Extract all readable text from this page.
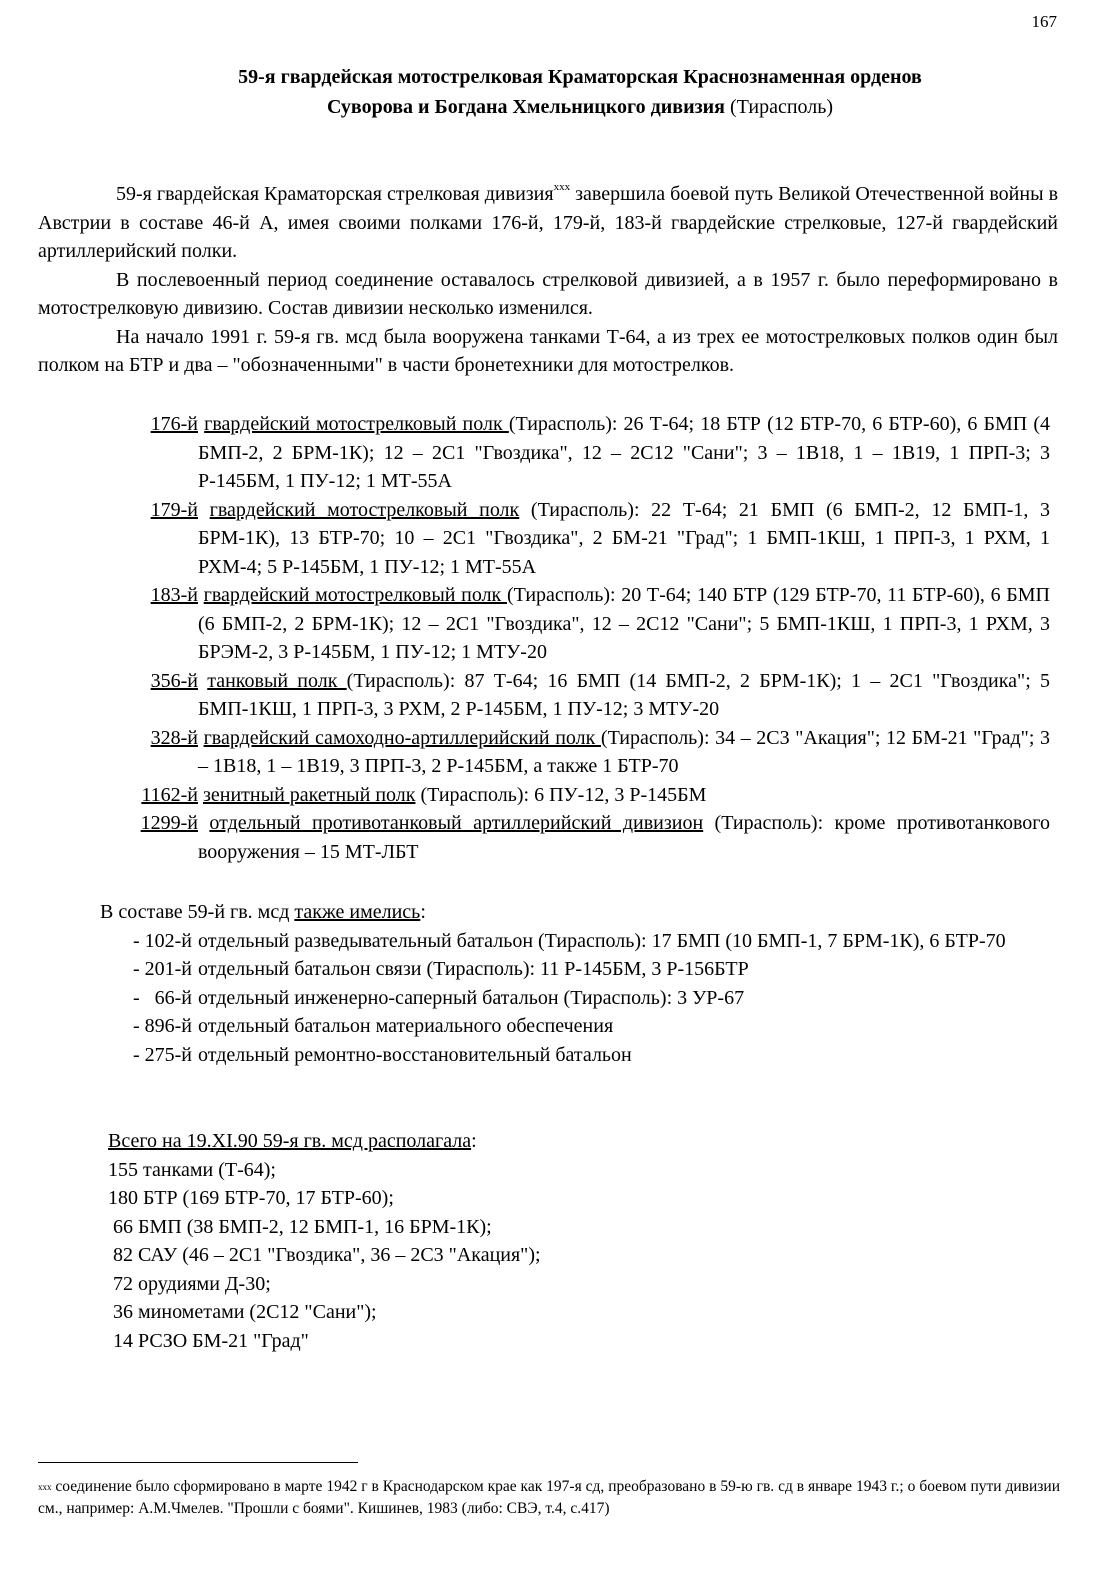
167
59-я гвардейская мотострелковая Краматорская Краснознаменная орденов
Суворова и Богдана Хмельницкого дивизия (Тирасполь)

59-я гвардейская Краматорская стрелковая дивизия$^{xxx}$ завершила боевой путь Великой Отечественной войны в Австрии в составе 46-й А, имея своими полками 176-й, 179-й, 183-й гвардейские стрелковые, 127-й гвардейский артиллерийский полки.

В послевоенный период соединение оставалось стрелковой дивизией, а в 1957 г. было переформировано в мотострелковую дивизию. Состав дивизии несколько изменился.

На начало 1991 г. 59-я гв. мсд была вооружена танками Т-64, а из трех ее мотострелковых полков один был полком на БТР и два – "обозначенными" в части бронетехники для мотострелков.

176-й гвардейский мотострелковый полк (Тирасполь): 26 Т-64; 18 БТР (12 БТР-70, 6 БТР-60), 6 БМП (4 БМП-2, 2 БРМ-1К); 12 – 2С1 "Гвоздика", 12 – 2С12 "Сани"; 3 – 1В18, 1 – 1В19, 1 ПРП-3; 3 Р-145БМ, 1 ПУ-12; 1 МТ-55А
179-й гвардейский мотострелковый полк (Тирасполь): 22 Т-64; 21 БМП (6 БМП-2, 12 БМП-1, 3 БРМ-1К), 13 БТР-70; 10 – 2С1 "Гвоздика", 2 БМ-21 "Град"; 1 БМП-1КШ, 1 ПРП-3, 1 РХМ, 1 РХМ-4; 5 Р-145БМ, 1 ПУ-12; 1 МТ-55А
183-й гвардейский мотострелковый полк (Тирасполь): 20 Т-64; 140 БТР (129 БТР-70, 11 БТР-60), 6 БМП (6 БМП-2, 2 БРМ-1К); 12 – 2С1 "Гвоздика", 12 – 2С12 "Сани"; 5 БМП-1КШ, 1 ПРП-3, 1 РХМ, 3 БРЭМ-2, 3 Р-145БМ, 1 ПУ-12; 1 МТУ-20
356-й танковый полк (Тирасполь): 87 Т-64; 16 БМП (14 БМП-2, 2 БРМ-1К); 1 – 2С1 "Гвоздика"; 5 БМП-1КШ, 1 ПРП-3, 3 РХМ, 2 Р-145БМ, 1 ПУ-12; 3 МТУ-20
328-й гвардейский самоходно-артиллерийский полк (Тирасполь): 34 – 2С3 "Акация"; 12 БМ-21 "Град"; 3 – 1В18, 1 – 1В19, 3 ПРП-3, 2 Р-145БМ, а также 1 БТР-70
1162-й зенитный ракетный полк (Тирасполь): 6 ПУ-12, 3 Р-145БМ
1299-й отдельный противотанковый артиллерийский дивизион (Тирасполь): кроме противотанкового вооружения – 15 МТ-ЛБТ
В составе 59-й гв. мсд также имелись:
- 102-й отдельный разведывательный батальон (Тирасполь): 17 БМП (10 БМП-1, 7 БРМ-1К), 6 БТР-70
- 201-й отдельный батальон связи (Тирасполь): 11 Р-145БМ, 3 Р-156БТР
-   66-й отдельный инженерно-саперный батальон (Тирасполь): 3 УР-67
- 896-й отдельный батальон материального обеспечения
- 275-й отдельный ремонтно-восстановительный батальон
Всего на 19.XI.90 59-я гв. мсд располагала:
155 танками (Т-64);
180 БТР (169 БТР-70, 17 БТР-60);
66 БМП (38 БМП-2, 12 БМП-1, 16 БРМ-1К);
82 САУ (46 – 2С1 "Гвоздика", 36 – 2С3 "Акация");
72 орудиями Д-30;
36 минометами (2С12 "Сани");
14 РСЗО БМ-21 "Град"
$^{xxx}$ соединение было сформировано в марте 1942 г в Краснодарском крае как 197-я сд, преобразовано в 59-ю гв. сд в январе 1943 г.; о боевом пути дивизии см., например: А.М.Чмелев. "Прошли с боями". Кишинев, 1983 (либо: СВЭ, т.4, с.417)
